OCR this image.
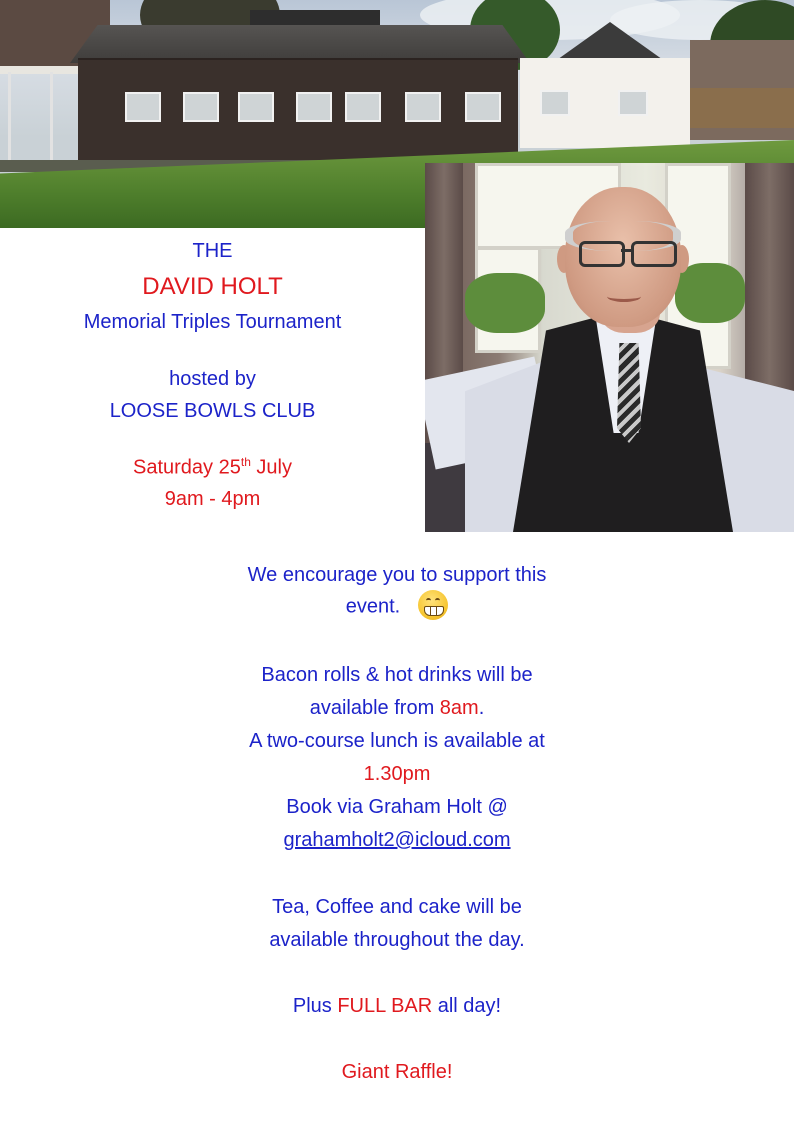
THE

DAVID HOLT

Memorial Triples Tournament

hosted by

LOOSE BOWLS CLUB

Saturday 25th July

9am - 4pm

We encourage you to support this

event.

Bacon rolls & hot drinks will be

available from 8am.

A two-course lunch is available at

1.30pm

Book via Graham Holt @

grahamholt2@icloud.com

Tea, Coffee and cake will be

available throughout the day.

Plus FULL BAR all day!

Giant Raffle!
